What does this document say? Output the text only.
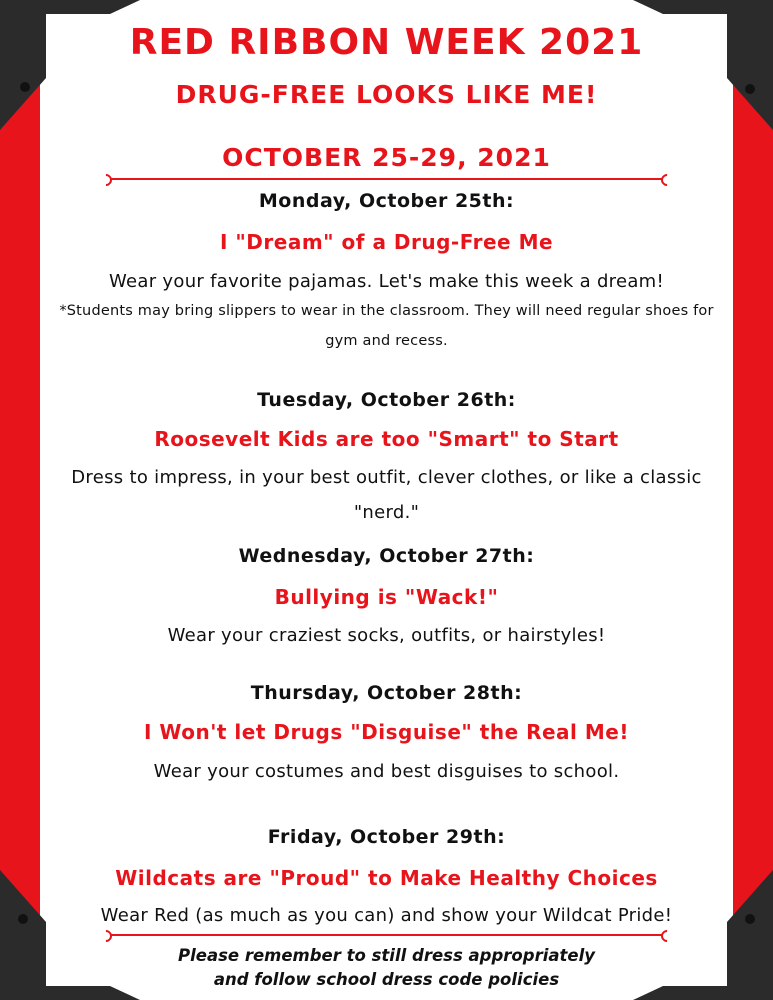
RED RIBBON WEEK 2021
DRUG-FREE LOOKS LIKE ME!
OCTOBER 25-29, 2021
Monday, October 25th:
I "Dream" of a Drug-Free Me
Wear your favorite pajamas. Let's make this week a dream!
*Students may bring slippers to wear in the classroom. They will need regular shoes for gym and recess.
Tuesday, October 26th:
Roosevelt Kids are too "Smart" to Start
Dress to impress, in your best outfit, clever clothes, or like a classic "nerd."
Wednesday, October 27th:
Bullying is "Wack!"
Wear your craziest socks, outfits, or hairstyles!
Thursday, October 28th:
I Won't let Drugs "Disguise" the Real Me!
Wear your costumes and best disguises to school.
Friday, October 29th:
Wildcats are "Proud" to Make Healthy Choices
Wear Red (as much as you can) and show your Wildcat Pride!
Please remember to still dress appropriately
and follow school dress code policies
